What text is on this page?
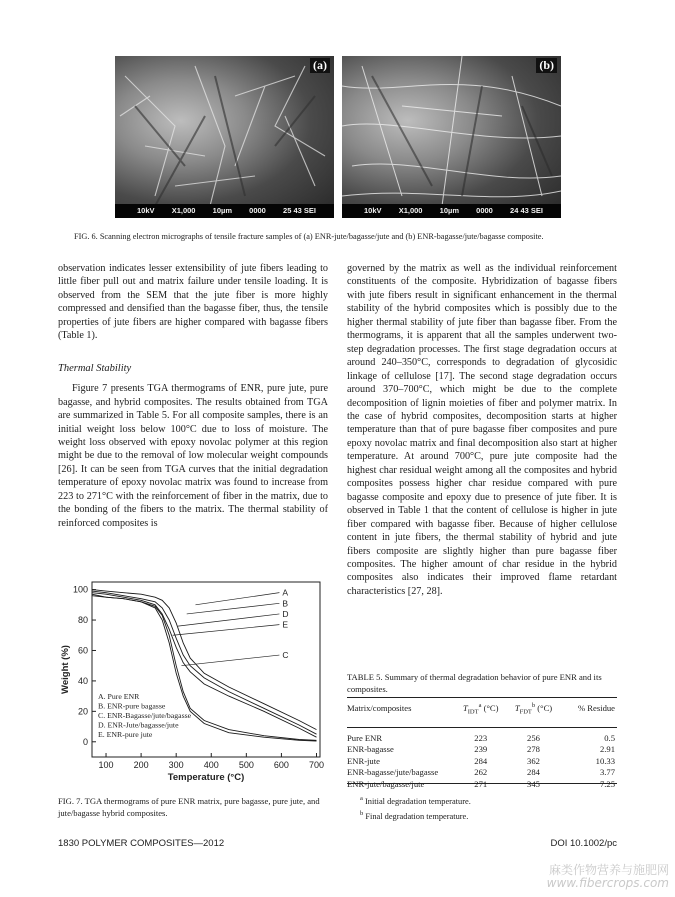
(a)
10kV X1,000 10µm 0000 25 43 SEI
(b)
10kV X1,000 10µm 0000 24 43 SEI
FIG. 6. Scanning electron micrographs of tensile fracture samples of (a) ENR-jute/bagasse/jute and (b) ENR-bagasse/jute/bagasse composite.

observation indicates lesser extensibility of jute fibers leading to little fiber pull out and matrix failure under tensile loading. It is observed from the SEM that the jute fiber is more highly compressed and densified than the bagasse fiber, thus, the tensile properties of jute fibers are higher compared with bagasse fibers (Table 1).

Thermal Stability

Figure 7 presents TGA thermograms of ENR, pure jute, pure bagasse, and hybrid composites. The results obtained from TGA are summarized in Table 5. For all composite samples, there is an initial weight loss below 100°C due to loss of moisture. The weight loss observed with epoxy novolac polymer at this region might be due to the removal of low molecular weight compounds [26]. It can be seen from TGA curves that the initial degradation temperature of epoxy novolac matrix was found to increase from 223 to 271°C with the reinforcement of fiber in the matrix, due to the bonding of the fibers to the matrix. The thermal stability of reinforced composites is

governed by the matrix as well as the individual reinforcement constituents of the composite. Hybridization of bagasse fibers with jute fibers result in significant enhancement in the thermal stability of the hybrid composites which is possibly due to the higher thermal stability of jute fiber than bagasse fiber. From the thermograms, it is apparent that all the samples underwent two-step degradation processes. The first stage degradation occurs at around 240–350°C, corresponds to degradation of glycosidic linkage of cellulose [17]. The second stage degradation occurs around 370–700°C, which might be due to the complete decomposition of lignin moieties of fiber and polymer matrix. In the case of hybrid composites, decomposition starts at higher temperature than that of pure bagasse fiber composites and pure epoxy novolac matrix and final decomposition also start at higher temperature. At around 700°C, pure jute composite had the highest char residual weight among all the composites and hybrid composites possess higher char residue compared with pure bagasse composite and epoxy due to presence of jute fiber. It is observed in Table 1 that the content of cellulose is higher in jute fiber compared with bagasse fiber. Because of higher cellulose content in jute fibers, the thermal stability of hybrid and jute fibers composite are slightly higher than pure bagasse fiber composites. The higher amount of char residue in the hybrid composites also indicates their improved flame retardant characteristics [27, 28].

100 200 300 400 500 600 700
0
20
40
60
80
100
Temperature (°C)
Weight (%)
A
B
D
E
C
A. Pure ENR
B. ENR-pure bagasse
C. ENR-Bagasse/jute/bagasse
D. ENR-Jute/bagasse/jute
E. ENR-pure jute
FIG. 7. TGA thermograms of pure ENR matrix, pure bagasse, pure jute, and jute/bagasse hybrid composites.
TABLE 5. Summary of thermal degradation behavior of pure ENR and its composites.
Matrix/composites	$T_{IDT}^a$ (°C)	$T_{FDT}^b$ (°C)	% Residue

Pure ENR	223	256	0.5
ENR-bagasse	239	278	2.91
ENR-jute	284	362	10.33
ENR-bagasse/jute/bagasse	262	284	3.77
ENR-jute/bagasse/jute	271	345	7.25
$^a$ Initial degradation temperature.
$^b$ Final degradation temperature.
1830 POLYMER COMPOSITES—2012	DOI 10.1002/pc
麻类作物营养与施肥网
www.fibercrops.com
